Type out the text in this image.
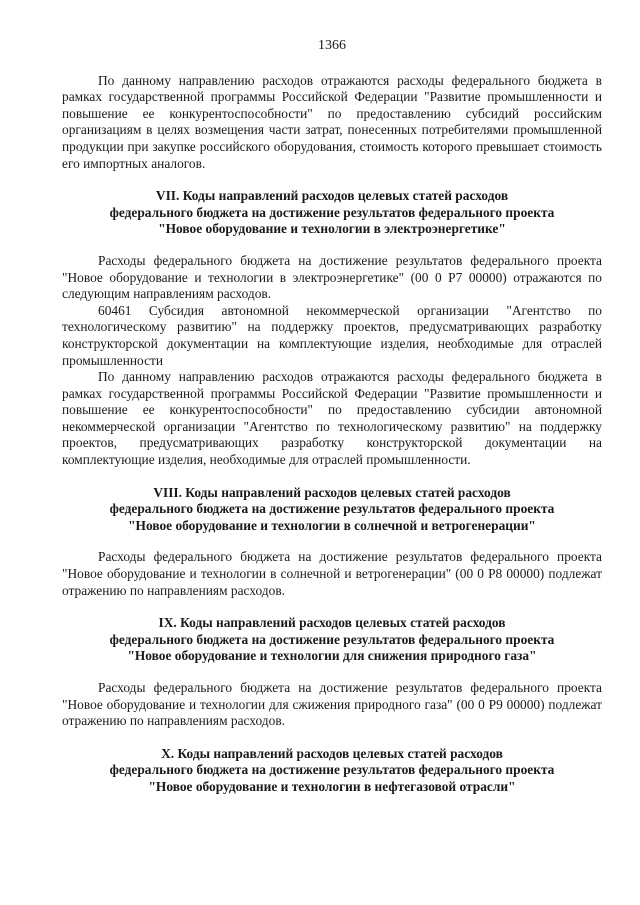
1366

По данному направлению расходов отражаются расходы федерального бюджета в рамках государственной программы Российской Федерации "Развитие промышленности и повышение ее конкурентоспособности" по предоставлению субсидий российским организациям в целях возмещения части затрат, понесенных потребителями промышленной продукции при закупке российского оборудования, стоимость которого превышает стоимость его импортных аналогов.

VII. Коды направлений расходов целевых статей расходов

федерального бюджета на достижение результатов федерального проекта

"Новое оборудование и технологии в электроэнергетике"

Расходы федерального бюджета на достижение результатов федерального проекта "Новое оборудование и технологии в электроэнергетике" (00 0 P7 00000) отражаются по следующим направлениям расходов.

60461 Субсидия автономной некоммерческой организации "Агентство по технологическому развитию" на поддержку проектов, предусматривающих разработку конструкторской документации на комплектующие изделия, необходимые для отраслей промышленности

По данному направлению расходов отражаются расходы федерального бюджета в рамках государственной программы Российской Федерации "Развитие промышленности и повышение ее конкурентоспособности" по предоставлению субсидии автономной некоммерческой организации "Агентство по технологическому развитию" на поддержку проектов, предусматривающих разработку конструкторской документации на комплектующие изделия, необходимые для отраслей промышленности.

VIII. Коды направлений расходов целевых статей расходов

федерального бюджета на достижение результатов федерального проекта

"Новое оборудование и технологии в солнечной и ветрогенерации"

Расходы федерального бюджета на достижение результатов федерального проекта "Новое оборудование и технологии в солнечной и ветрогенерации" (00 0 P8 00000) подлежат отражению по направлениям расходов.

IX. Коды направлений расходов целевых статей расходов

федерального бюджета на достижение результатов федерального проекта

"Новое оборудование и технологии для снижения природного газа"

Расходы федерального бюджета на достижение результатов федерального проекта "Новое оборудование и технологии для сжижения природного газа" (00 0 P9 00000) подлежат отражению по направлениям расходов.

X. Коды направлений расходов целевых статей расходов

федерального бюджета на достижение результатов федерального проекта

"Новое оборудование и технологии в нефтегазовой отрасли"
